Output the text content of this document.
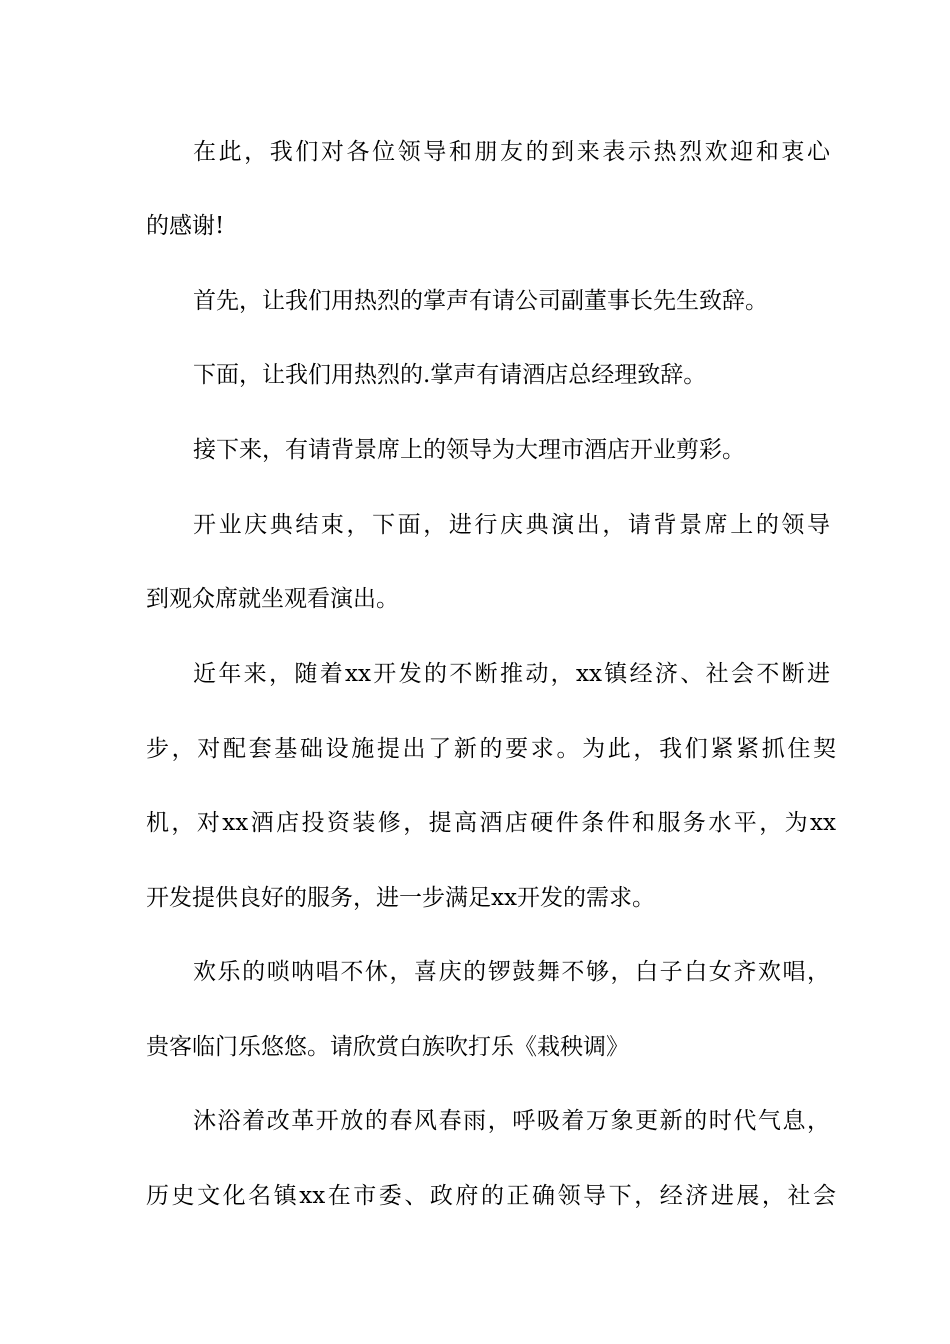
在此，我们对各位领导和朋友的到来表示热烈欢迎和衷心
的感谢!
首先，让我们用热烈的掌声有请公司副董事长先生致辞。
下面，让我们用热烈的.掌声有请酒店总经理致辞。
接下来，有请背景席上的领导为大理市酒店开业剪彩。
开业庆典结束，下面，进行庆典演出，请背景席上的领导
到观众席就坐观看演出。
近年来，随着xx开发的不断推动，xx镇经济、社会不断进
步，对配套基础设施提出了新的要求。为此，我们紧紧抓住契
机，对xx酒店投资装修，提高酒店硬件条件和服务水平，为xx
开发提供良好的服务，进一步满足xx开发的需求。
欢乐的唢呐唱不休，喜庆的锣鼓舞不够，白子白女齐欢唱，
贵客临门乐悠悠。请欣赏白族吹打乐《栽秧调》
沐浴着改革开放的春风春雨，呼吸着万象更新的时代气息，
历史文化名镇xx在市委、政府的正确领导下，经济进展，社会
